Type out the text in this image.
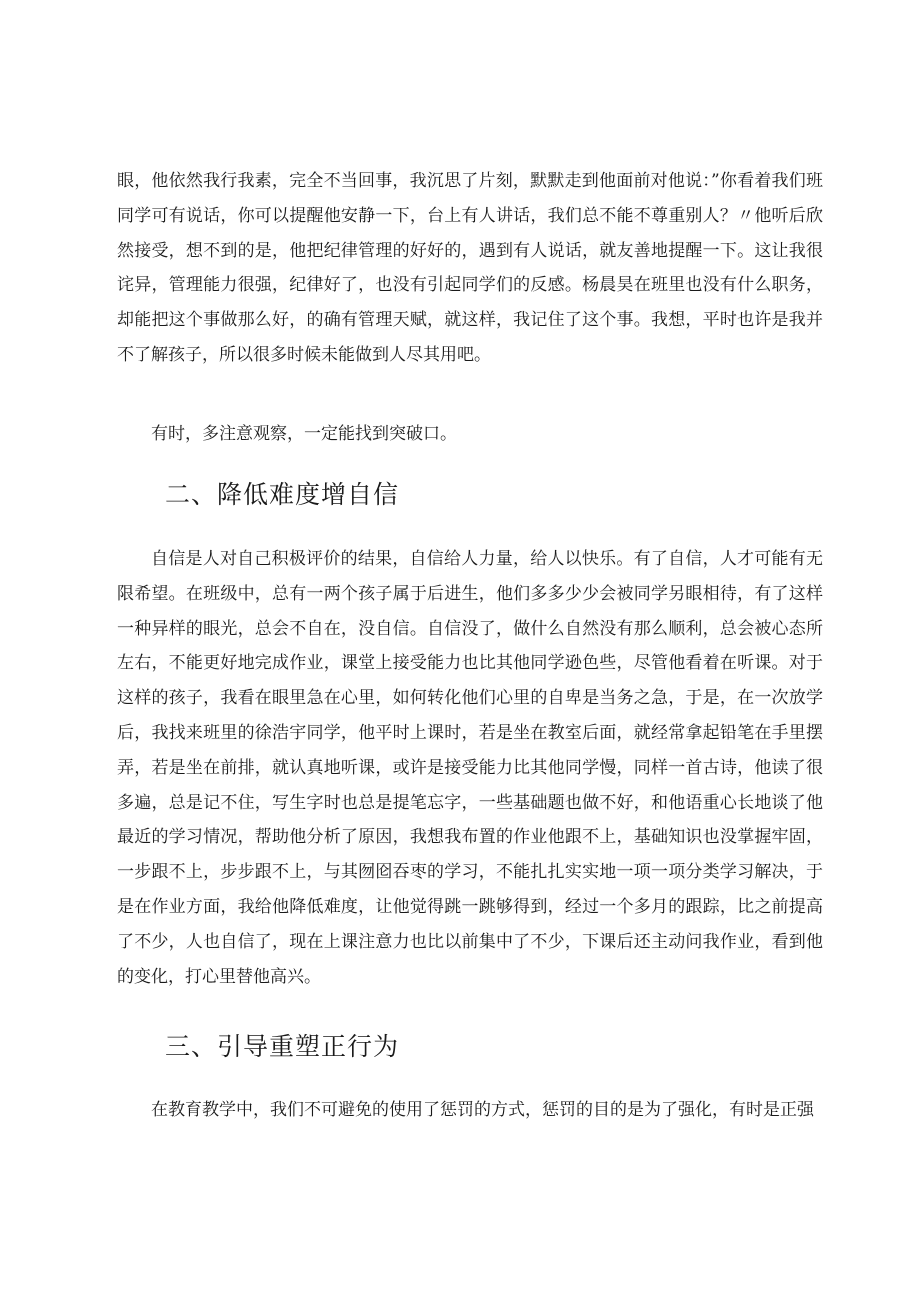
眼，他依然我行我素，完全不当回事，我沉思了片刻，默默走到他面前对他说：”你看着我们班同学可有说话，你可以提醒他安静一下，台上有人讲话，我们总不能不尊重别人？〃他听后欣然接受，想不到的是，他把纪律管理的好好的，遇到有人说话，就友善地提醒一下。这让我很诧异，管理能力很强，纪律好了，也没有引起同学们的反感。杨晨昊在班里也没有什么职务，却能把这个事做那么好，的确有管理天赋，就这样，我记住了这个事。我想，平时也许是我并不了解孩子，所以很多时候未能做到人尽其用吧。

有时，多注意观察，一定能找到突破口。

二、降低难度增自信

自信是人对自己积极评价的结果，自信给人力量，给人以快乐。有了自信，人才可能有无限希望。在班级中，总有一两个孩子属于后进生，他们多多少少会被同学另眼相待，有了这样一种异样的眼光，总会不自在，没自信。自信没了，做什么自然没有那么顺利，总会被心态所左右，不能更好地完成作业，课堂上接受能力也比其他同学逊色些，尽管他看着在听课。对于这样的孩子，我看在眼里急在心里，如何转化他们心里的自卑是当务之急，于是，在一次放学后，我找来班里的徐浩宇同学，他平时上课时，若是坐在教室后面，就经常拿起铅笔在手里摆弄，若是坐在前排，就认真地听课，或许是接受能力比其他同学慢，同样一首古诗，他读了很多遍，总是记不住，写生字时也总是提笔忘字，一些基础题也做不好，和他语重心长地谈了他最近的学习情况，帮助他分析了原因，我想我布置的作业他跟不上，基础知识也没掌握牢固，一步跟不上，步步跟不上，与其囫囵吞枣的学习，不能扎扎实实地一项一项分类学习解决，于是在作业方面，我给他降低难度，让他觉得跳一跳够得到，经过一个多月的跟踪，比之前提高了不少，人也自信了，现在上课注意力也比以前集中了不少，下课后还主动问我作业，看到他的变化，打心里替他高兴。

三、引导重塑正行为

在教育教学中，我们不可避免的使用了惩罚的方式，惩罚的目的是为了强化，有时是正强
